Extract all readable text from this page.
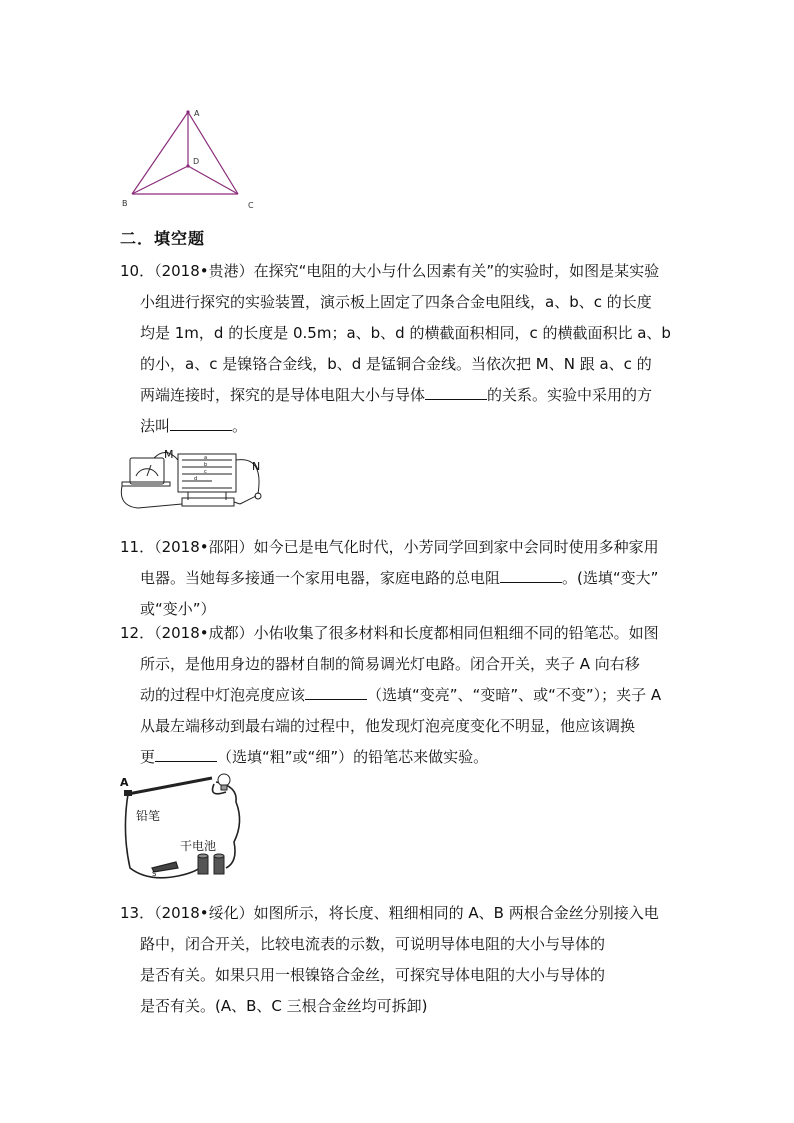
A
D
B	C
二．填空题
10．（2018•贵港）在探究“电阻的大小与什么因素有关”的实验时，如图是某实验
小组进行探究的实验装置，演示板上固定了四条合金电阻线，a、b、c 的长度
均是 1m，d 的长度是 0.5m；a、b、d 的横截面积相同，c 的横截面积比 a、b
的小，a、c 是镍铬合金线，b、d 是锰铜合金线。当依次把 M、N 跟 a、c 的
两端连接时，探究的是导体电阻大小与导体	的关系。实验中采用的方
法叫	。
M
N
a
b
c
d
11．（2018•邵阳）如今已是电气化时代，小芳同学回到家中会同时使用多种家用
电器。当她每多接通一个家用电器，家庭电路的总电阻	。(选填“变大”
或“变小”）
12．（2018•成都）小佑收集了很多材料和长度都相同但粗细不同的铅笔芯。如图
所示，是他用身边的器材自制的简易调光灯电路。闭合开关，夹子 A 向右移
动的过程中灯泡亮度应该	（选填“变亮”、“变暗”、或“不变”）；夹子 A
从最左端移动到最右端的过程中，他发现灯泡亮度变化不明显，他应该调换
更	（选填“粗”或“细”）的铅笔芯来做实验。
A
铅笔
干电池
S
13．（2018•绥化）如图所示，将长度、粗细相同的 A、B 两根合金丝分别接入电
路中，闭合开关，比较电流表的示数，可说明导体电阻的大小与导体的
是否有关。如果只用一根镍铬合金丝，可探究导体电阻的大小与导体的
是否有关。(A、B、C 三根合金丝均可拆卸)
